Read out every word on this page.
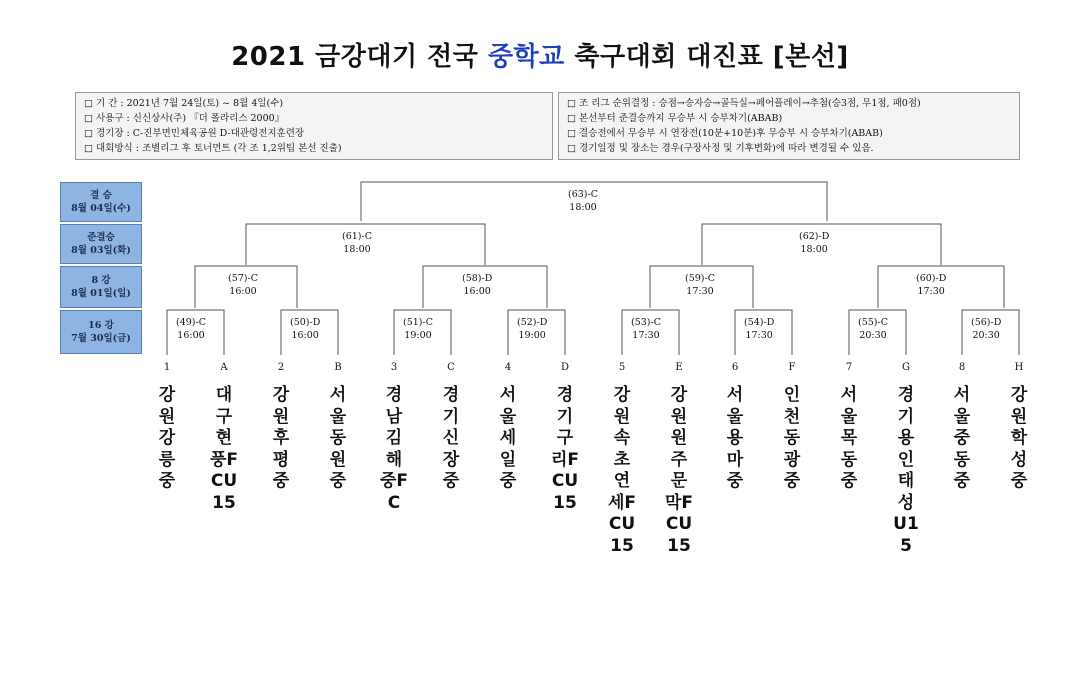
2021 금강대기 전국 중학교 축구대회 대진표 [본선]
□ 기 간 : 2021년 7월 24일(토) ~ 8월 4일(수)
□ 사용구 : 신신상사(주) 『더 폴라리스 2000』
□ 경기장 : C-진부면민체육공원 D-대관령전지훈련장
□ 대회방식 : 조별리그 후 토너먼트 (각 조 1,2위팀 본선 진출)
□ 조 리그 순위결정 : 승점→승자승→골득실→페어플레이→추첨(승3점, 무1점, 패0점)
□ 본선부터 준결승까지 무승부 시 승부차기(ABAB)
□ 결승전에서 무승부 시 연장전(10분+10분)후 무승부 시 승부차기(ABAB)
□ 경기일정 및 장소는 경우(구장사정 및 기후변화)에 따라 변경될 수 있음.
결 승
8월 04일(수)
준결승
8월 03일(화)
8 강
8월 01일(일)
16 강
7월 30일(금)
(63)-C
18:00
(61)-C
18:00
(62)-D
18:00
(57)-C
16:00
(58)-D
16:00
(59)-C
17:30
(60)-D
17:30
(49)-C
16:00
(50)-D
16:00
(51)-C
19:00
(52)-D
19:00
(53)-C
17:30
(54)-D
17:30
(55)-C
20:30
(56)-D
20:30
1	A	2	B	3	C	4	D	5	E	6	F	7	G	8	H
강원강릉중
대구현풍FCU15
강원후평중
서울동원중
경남김해중FC
경기신장중
서울세일중
경기구리FCU15
강원속초연세FCU15
강원원주문막FCU15
서울용마중
인천동광중
서울목동중
경기용인태성U15
서울중동중
강원학성중
